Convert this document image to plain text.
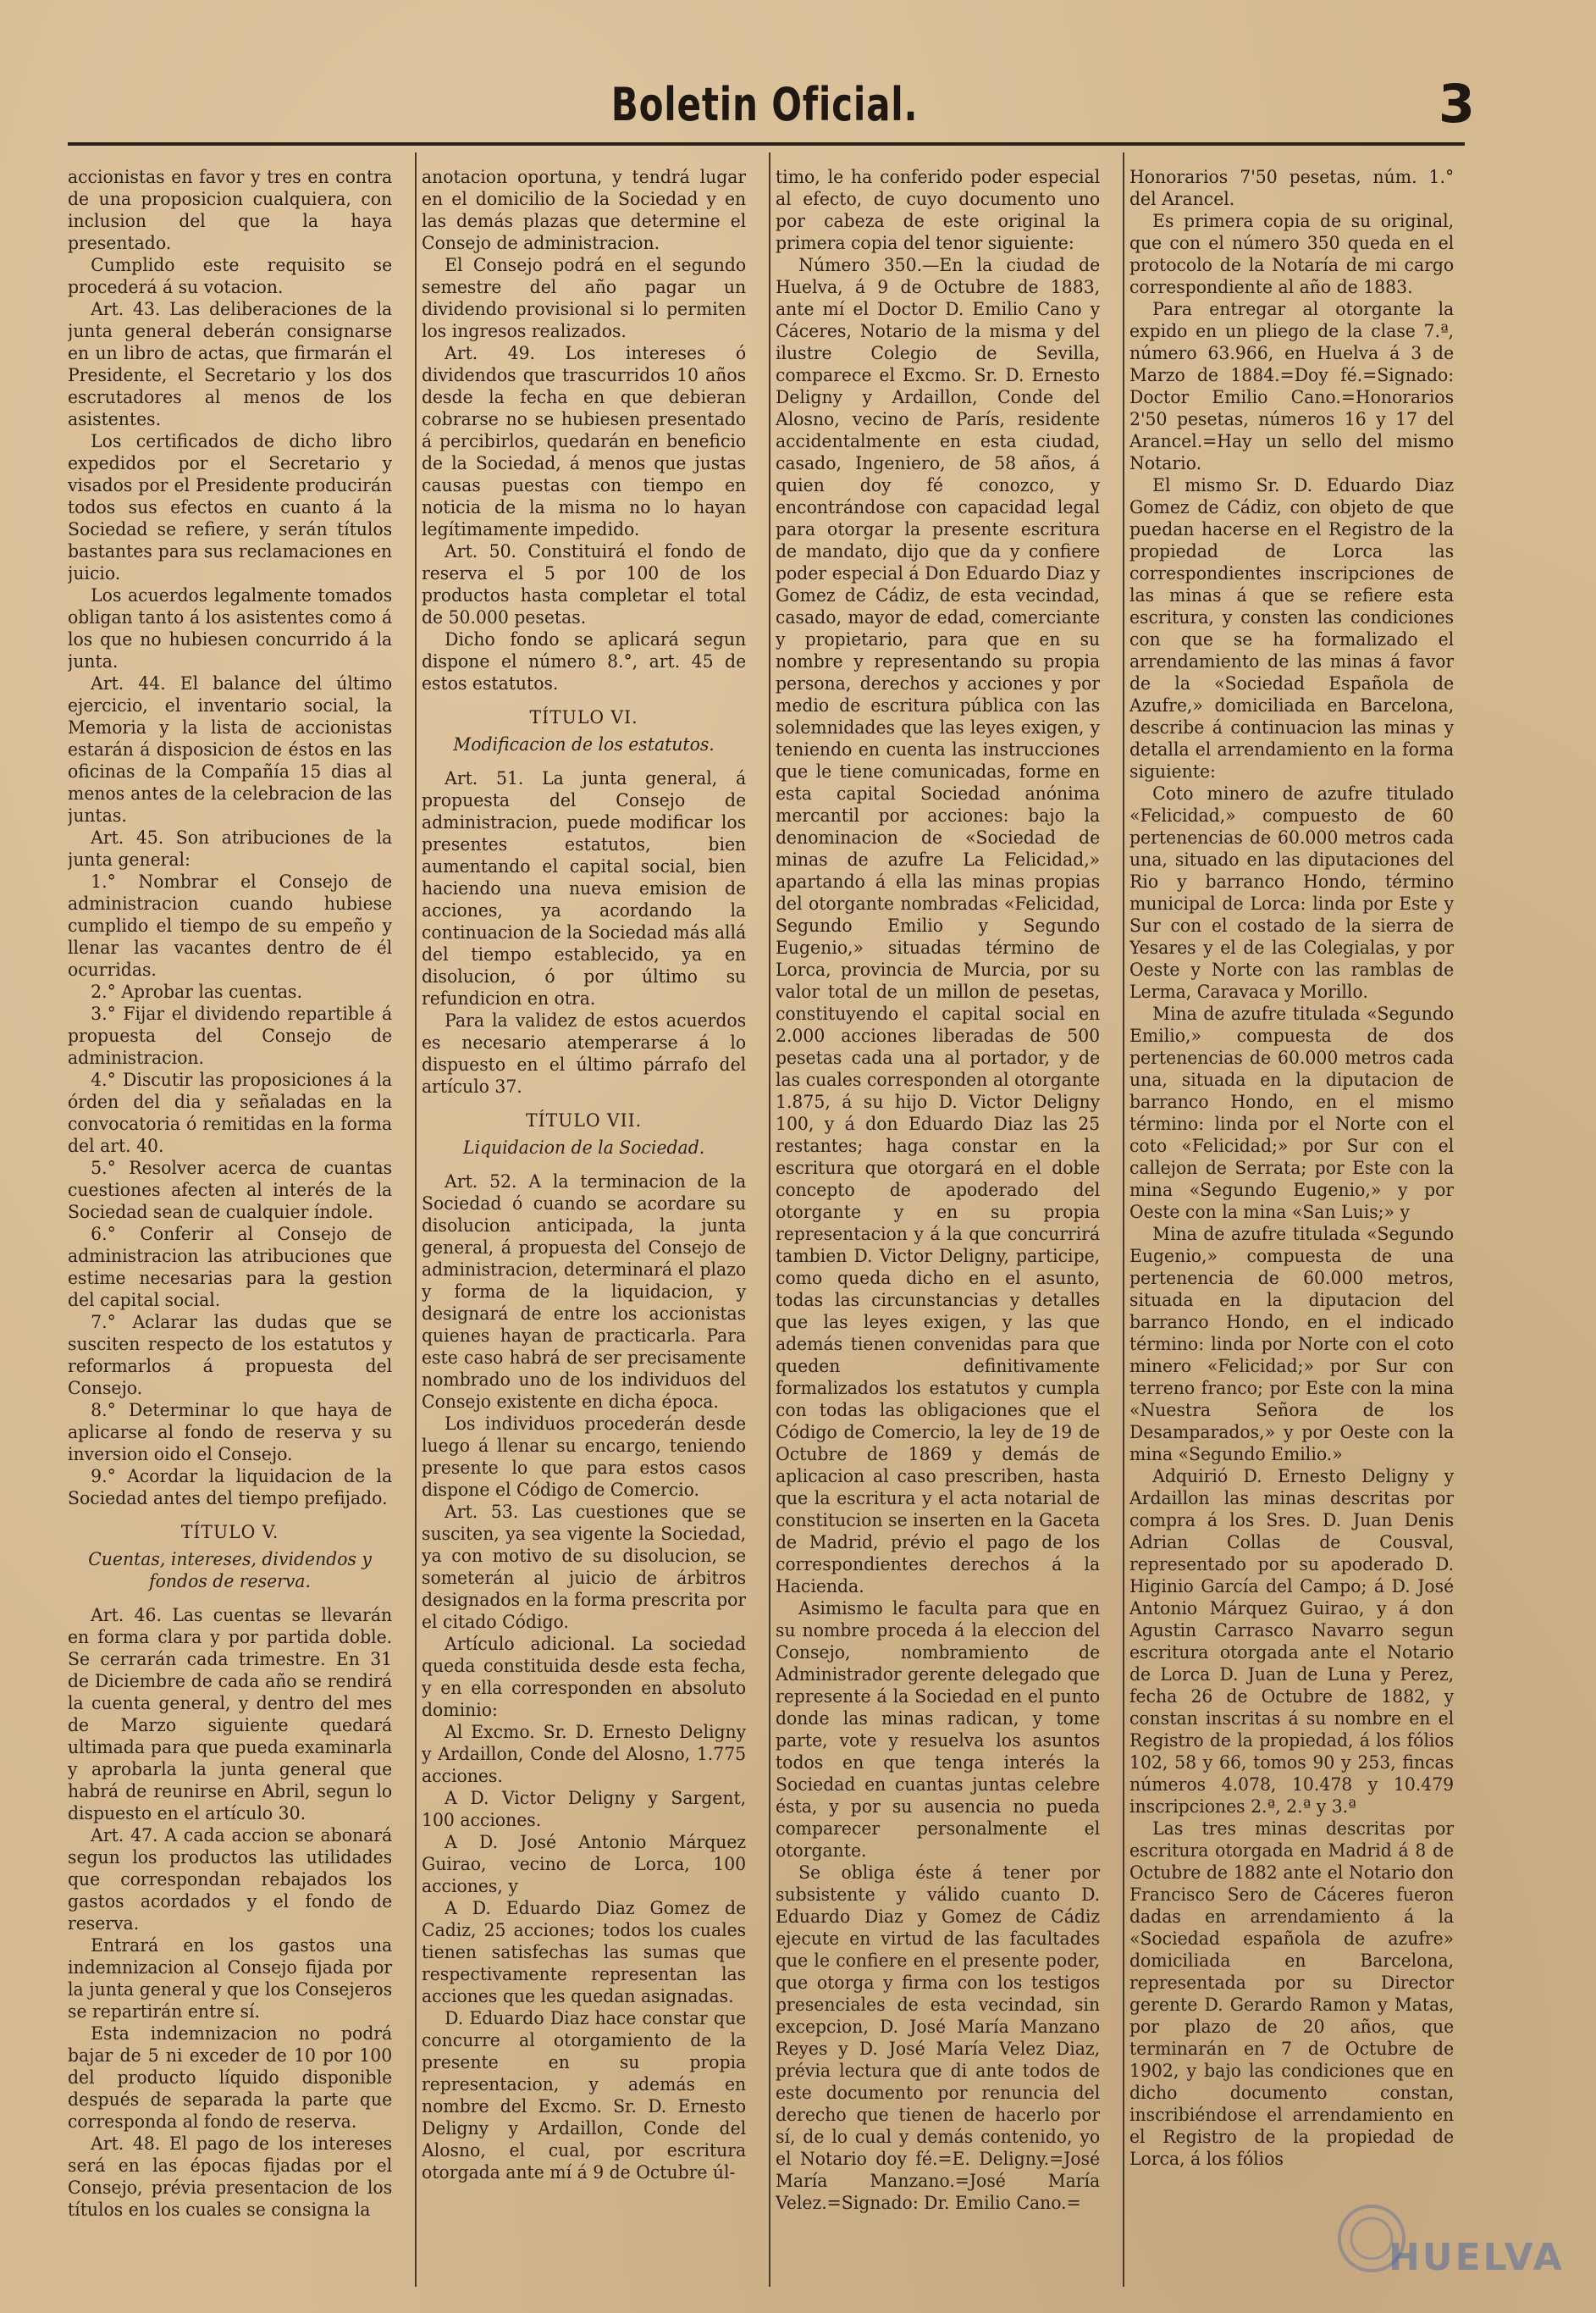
Boletin Oficial.	3

accionistas en favor y tres en contra de una proposicion cualquiera, con inclusion del que la haya presentado.

Cumplido este requisito se procederá á su votacion.

Art. 43. Las deliberaciones de la junta general deberán consignarse en un libro de actas, que firmarán el Presidente, el Secretario y los dos escrutadores al menos de los asistentes.

Los certificados de dicho libro expedidos por el Secretario y visados por el Presidente producirán todos sus efectos en cuanto á la Sociedad se refiere, y serán títulos bastantes para sus reclamaciones en juicio.

Los acuerdos legalmente tomados obligan tanto á los asistentes como á los que no hubiesen concurrido á la junta.

Art. 44. El balance del último ejercicio, el inventario social, la Memoria y la lista de accionistas estarán á disposicion de éstos en las oficinas de la Compañía 15 dias al menos antes de la celebracion de las juntas.

Art. 45. Son atribuciones de la junta general:

1.° Nombrar el Consejo de administracion cuando hubiese cumplido el tiempo de su empeño y llenar las vacantes dentro de él ocurridas.

2.° Aprobar las cuentas.

3.° Fijar el dividendo repartible á propuesta del Consejo de administracion.

4.° Discutir las proposiciones á la órden del dia y señaladas en la convocatoria ó remitidas en la forma del art. 40.

5.° Resolver acerca de cuantas cuestiones afecten al interés de la Sociedad sean de cualquier índole.

6.° Conferir al Consejo de administracion las atribuciones que estime necesarias para la gestion del capital social.

7.° Aclarar las dudas que se susciten respecto de los estatutos y reformarlos á propuesta del Consejo.

8.° Determinar lo que haya de aplicarse al fondo de reserva y su inversion oido el Consejo.

9.° Acordar la liquidacion de la Sociedad antes del tiempo prefijado.

TÍTULO V.
Cuentas, intereses, dividendos y fondos de reserva.

Art. 46. Las cuentas se llevarán en forma clara y por partida doble. Se cerrarán cada trimestre. En 31 de Diciembre de cada año se rendirá la cuenta general, y dentro del mes de Marzo siguiente quedará ultimada para que pueda examinarla y aprobarla la junta general que habrá de reunirse en Abril, segun lo dispuesto en el artículo 30.

Art. 47. A cada accion se abonará segun los productos las utilidades que correspondan rebajados los gastos acordados y el fondo de reserva.

Entrará en los gastos una indemnizacion al Consejo fijada por la junta general y que los Consejeros se repartirán entre sí.

Esta indemnizacion no podrá bajar de 5 ni exceder de 10 por 100 del producto líquido disponible después de separada la parte que corresponda al fondo de reserva.

Art. 48. El pago de los intereses será en las épocas fijadas por el Consejo, prévia presentacion de los títulos en los cuales se consigna la

anotacion oportuna, y tendrá lugar en el domicilio de la Sociedad y en las demás plazas que determine el Consejo de administracion.

El Consejo podrá en el segundo semestre del año pagar un dividendo provisional si lo permiten los ingresos realizados.

Art. 49. Los intereses ó dividendos que trascurridos 10 años desde la fecha en que debieran cobrarse no se hubiesen presentado á percibirlos, quedarán en beneficio de la Sociedad, á menos que justas causas puestas con tiempo en noticia de la misma no lo hayan legítimamente impedido.

Art. 50. Constituirá el fondo de reserva el 5 por 100 de los productos hasta completar el total de 50.000 pesetas.

Dicho fondo se aplicará segun dispone el número 8.°, art. 45 de estos estatutos.

TÍTULO VI.
Modificacion de los estatutos.

Art. 51. La junta general, á propuesta del Consejo de administracion, puede modificar los presentes estatutos, bien aumentando el capital social, bien haciendo una nueva emision de acciones, ya acordando la continuacion de la Sociedad más allá del tiempo establecido, ya en disolucion, ó por último su refundicion en otra.

Para la validez de estos acuerdos es necesario atemperarse á lo dispuesto en el último párrafo del artículo 37.

TÍTULO VII.
Liquidacion de la Sociedad.

Art. 52. A la terminacion de la Sociedad ó cuando se acordare su disolucion anticipada, la junta general, á propuesta del Consejo de administracion, determinará el plazo y forma de la liquidacion, y designará de entre los accionistas quienes hayan de practicarla. Para este caso habrá de ser precisamente nombrado uno de los individuos del Consejo existente en dicha época.

Los individuos procederán desde luego á llenar su encargo, teniendo presente lo que para estos casos dispone el Código de Comercio.

Art. 53. Las cuestiones que se susciten, ya sea vigente la Sociedad, ya con motivo de su disolucion, se someterán al juicio de árbitros designados en la forma prescrita por el citado Código.

Artículo adicional. La sociedad queda constituida desde esta fecha, y en ella corresponden en absoluto dominio:

Al Excmo. Sr. D. Ernesto Deligny y Ardaillon, Conde del Alosno, 1.775 acciones.

A D. Victor Deligny y Sargent, 100 acciones.

A D. José Antonio Márquez Guirao, vecino de Lorca, 100 acciones, y

A D. Eduardo Diaz Gomez de Cadiz, 25 acciones; todos los cuales tienen satisfechas las sumas que respectivamente representan las acciones que les quedan asignadas.

D. Eduardo Diaz hace constar que concurre al otorgamiento de la presente en su propia representacion, y además en nombre del Excmo. Sr. D. Ernesto Deligny y Ardaillon, Conde del Alosno, el cual, por escritura otorgada ante mí á 9 de Octubre úl-

timo, le ha conferido poder especial al efecto, de cuyo documento uno por cabeza de este original la primera copia del tenor siguiente:

Número 350.—En la ciudad de Huelva, á 9 de Octubre de 1883, ante mí el Doctor D. Emilio Cano y Cáceres, Notario de la misma y del ilustre Colegio de Sevilla, comparece el Excmo. Sr. D. Ernesto Deligny y Ardaillon, Conde del Alosno, vecino de París, residente accidentalmente en esta ciudad, casado, Ingeniero, de 58 años, á quien doy fé conozco, y encontrándose con capacidad legal para otorgar la presente escritura de mandato, dijo que da y confiere poder especial á Don Eduardo Diaz y Gomez de Cádiz, de esta vecindad, casado, mayor de edad, comerciante y propietario, para que en su nombre y representando su propia persona, derechos y acciones y por medio de escritura pública con las solemnidades que las leyes exigen, y teniendo en cuenta las instrucciones que le tiene comunicadas, forme en esta capital Sociedad anónima mercantil por acciones: bajo la denominacion de «Sociedad de minas de azufre La Felicidad,» apartando á ella las minas propias del otorgante nombradas «Felicidad, Segundo Emilio y Segundo Eugenio,» situadas término de Lorca, provincia de Murcia, por su valor total de un millon de pesetas, constituyendo el capital social en 2.000 acciones liberadas de 500 pesetas cada una al portador, y de las cuales corresponden al otorgante 1.875, á su hijo D. Victor Deligny 100, y á don Eduardo Diaz las 25 restantes; haga constar en la escritura que otorgará en el doble concepto de apoderado del otorgante y en su propia representacion y á la que concurrirá tambien D. Victor Deligny, participe, como queda dicho en el asunto, todas las circunstancias y detalles que las leyes exigen, y las que además tienen convenidas para que queden definitivamente formalizados los estatutos y cumpla con todas las obligaciones que el Código de Comercio, la ley de 19 de Octubre de 1869 y demás de aplicacion al caso prescriben, hasta que la escritura y el acta notarial de constitucion se inserten en la Gaceta de Madrid, prévio el pago de los correspondientes derechos á la Hacienda.

Asimismo le faculta para que en su nombre proceda á la eleccion del Consejo, nombramiento de Administrador gerente delegado que represente á la Sociedad en el punto donde las minas radican, y tome parte, vote y resuelva los asuntos todos en que tenga interés la Sociedad en cuantas juntas celebre ésta, y por su ausencia no pueda comparecer personalmente el otorgante.

Se obliga éste á tener por subsistente y válido cuanto D. Eduardo Diaz y Gomez de Cádiz ejecute en virtud de las facultades que le confiere en el presente poder, que otorga y firma con los testigos presenciales de esta vecindad, sin excepcion, D. José María Manzano Reyes y D. José María Velez Diaz, prévia lectura que di ante todos de este documento por renuncia del derecho que tienen de hacerlo por sí, de lo cual y demás contenido, yo el Notario doy fé.=E. Deligny.=José María Manzano.=José María Velez.=Signado: Dr. Emilio Cano.=

Honorarios 7'50 pesetas, núm. 1.° del Arancel.

Es primera copia de su original, que con el número 350 queda en el protocolo de la Notaría de mi cargo correspondiente al año de 1883.

Para entregar al otorgante la expido en un pliego de la clase 7.ª, número 63.966, en Huelva á 3 de Marzo de 1884.=Doy fé.=Signado: Doctor Emilio Cano.=Honorarios 2'50 pesetas, números 16 y 17 del Arancel.=Hay un sello del mismo Notario.

El mismo Sr. D. Eduardo Diaz Gomez de Cádiz, con objeto de que puedan hacerse en el Registro de la propiedad de Lorca las correspondientes inscripciones de las minas á que se refiere esta escritura, y consten las condiciones con que se ha formalizado el arrendamiento de las minas á favor de la «Sociedad Española de Azufre,» domiciliada en Barcelona, describe á continuacion las minas y detalla el arrendamiento en la forma siguiente:

Coto minero de azufre titulado «Felicidad,» compuesto de 60 pertenencias de 60.000 metros cada una, situado en las diputaciones del Rio y barranco Hondo, término municipal de Lorca: linda por Este y Sur con el costado de la sierra de Yesares y el de las Colegialas, y por Oeste y Norte con las ramblas de Lerma, Caravaca y Morillo.

Mina de azufre titulada «Segundo Emilio,» compuesta de dos pertenencias de 60.000 metros cada una, situada en la diputacion de barranco Hondo, en el mismo término: linda por el Norte con el coto «Felicidad;» por Sur con el callejon de Serrata; por Este con la mina «Segundo Eugenio,» y por Oeste con la mina «San Luis;» y

Mina de azufre titulada «Segundo Eugenio,» compuesta de una pertenencia de 60.000 metros, situada en la diputacion del barranco Hondo, en el indicado término: linda por Norte con el coto minero «Felicidad;» por Sur con terreno franco; por Este con la mina «Nuestra Señora de los Desamparados,» y por Oeste con la mina «Segundo Emilio.»

Adquirió D. Ernesto Deligny y Ardaillon las minas descritas por compra á los Sres. D. Juan Denis Adrian Collas de Cousval, representado por su apoderado D. Higinio García del Campo; á D. José Antonio Márquez Guirao, y á don Agustin Carrasco Navarro segun escritura otorgada ante el Notario de Lorca D. Juan de Luna y Perez, fecha 26 de Octubre de 1882, y constan inscritas á su nombre en el Registro de la propiedad, á los fólios 102, 58 y 66, tomos 90 y 253, fincas números 4.078, 10.478 y 10.479 inscripciones 2.ª, 2.ª y 3.ª

Las tres minas descritas por escritura otorgada en Madrid á 8 de Octubre de 1882 ante el Notario don Francisco Sero de Cáceres fueron dadas en arrendamiento á la «Sociedad española de azufre» domiciliada en Barcelona, representada por su Director gerente D. Gerardo Ramon y Matas, por plazo de 20 años, que terminarán en 7 de Octubre de 1902, y bajo las condiciones que en dicho documento constan, inscribiéndose el arrendamiento en el Registro de la propiedad de Lorca, á los fólios

HUELVA
